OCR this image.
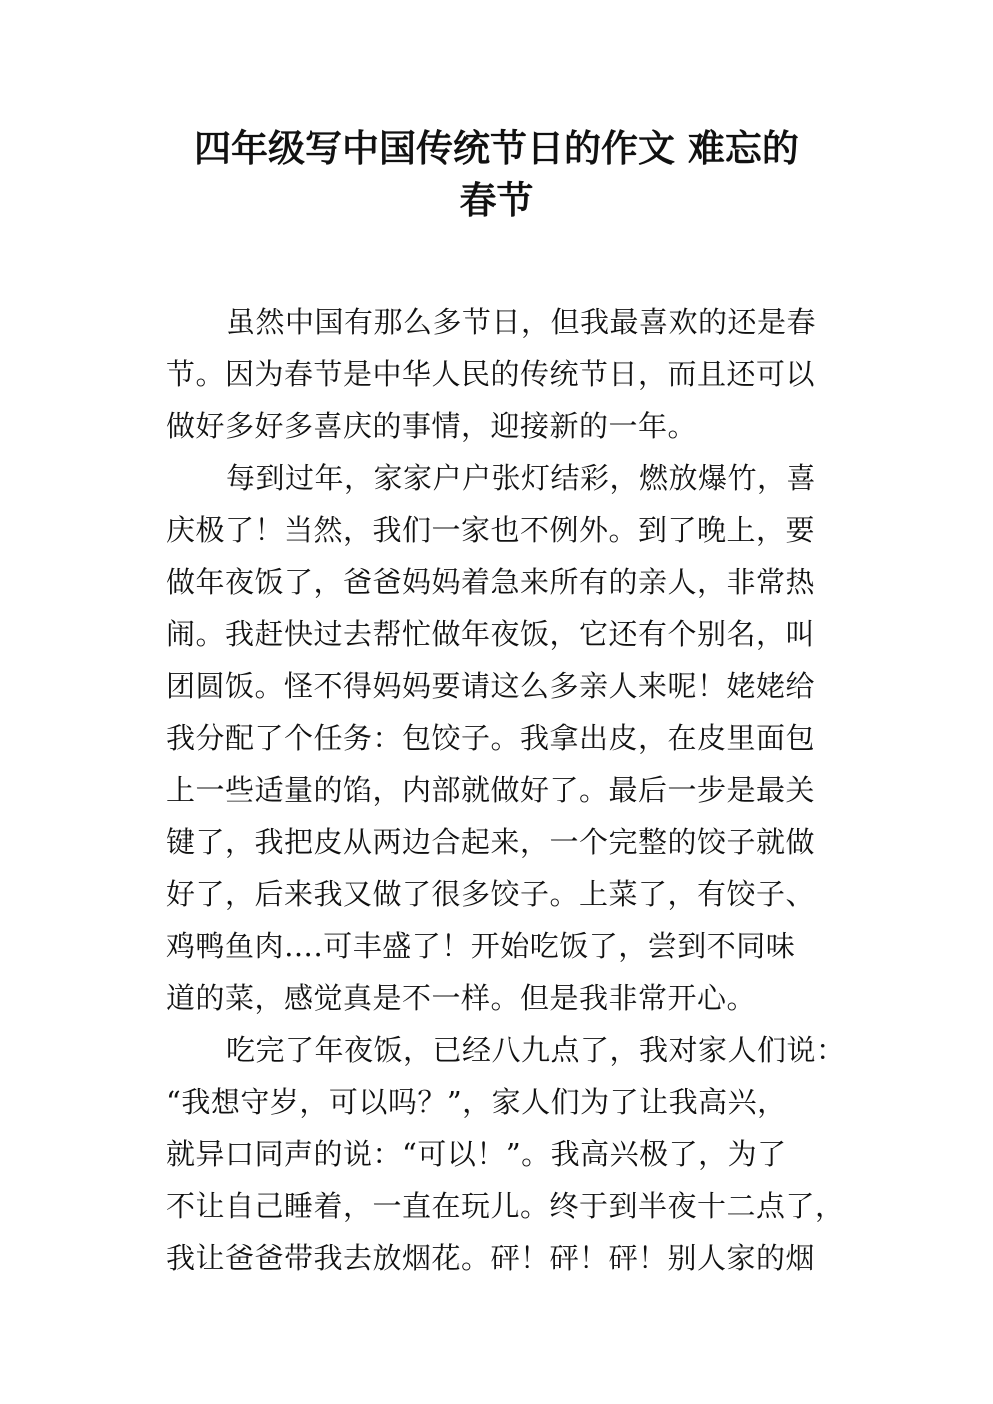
四年级写中国传统节日的作文 难忘的
春节
虽然中国有那么多节日，但我最喜欢的还是春
节。因为春节是中华人民的传统节日，而且还可以
做好多好多喜庆的事情，迎接新的一年。
每到过年，家家户户张灯结彩，燃放爆竹，喜
庆极了！当然，我们一家也不例外。到了晚上，要
做年夜饭了，爸爸妈妈着急来所有的亲人，非常热
闹。我赶快过去帮忙做年夜饭，它还有个别名，叫
团圆饭。怪不得妈妈要请这么多亲人来呢！姥姥给
我分配了个任务：包饺子。我拿出皮，在皮里面包
上一些适量的馅，内部就做好了。最后一步是最关
键了，我把皮从两边合起来，一个完整的饺子就做
好了，后来我又做了很多饺子。上菜了，有饺子、
鸡鸭鱼肉….可丰盛了！开始吃饭了，尝到不同味
道的菜，感觉真是不一样。但是我非常开心。
吃完了年夜饭，已经八九点了，我对家人们说：
“我想守岁，可以吗？”，家人们为了让我高兴，
就异口同声的说：“可以！”。我高兴极了，为了
不让自己睡着，一直在玩儿。终于到半夜十二点了，
我让爸爸带我去放烟花。砰！砰！砰！别人家的烟
